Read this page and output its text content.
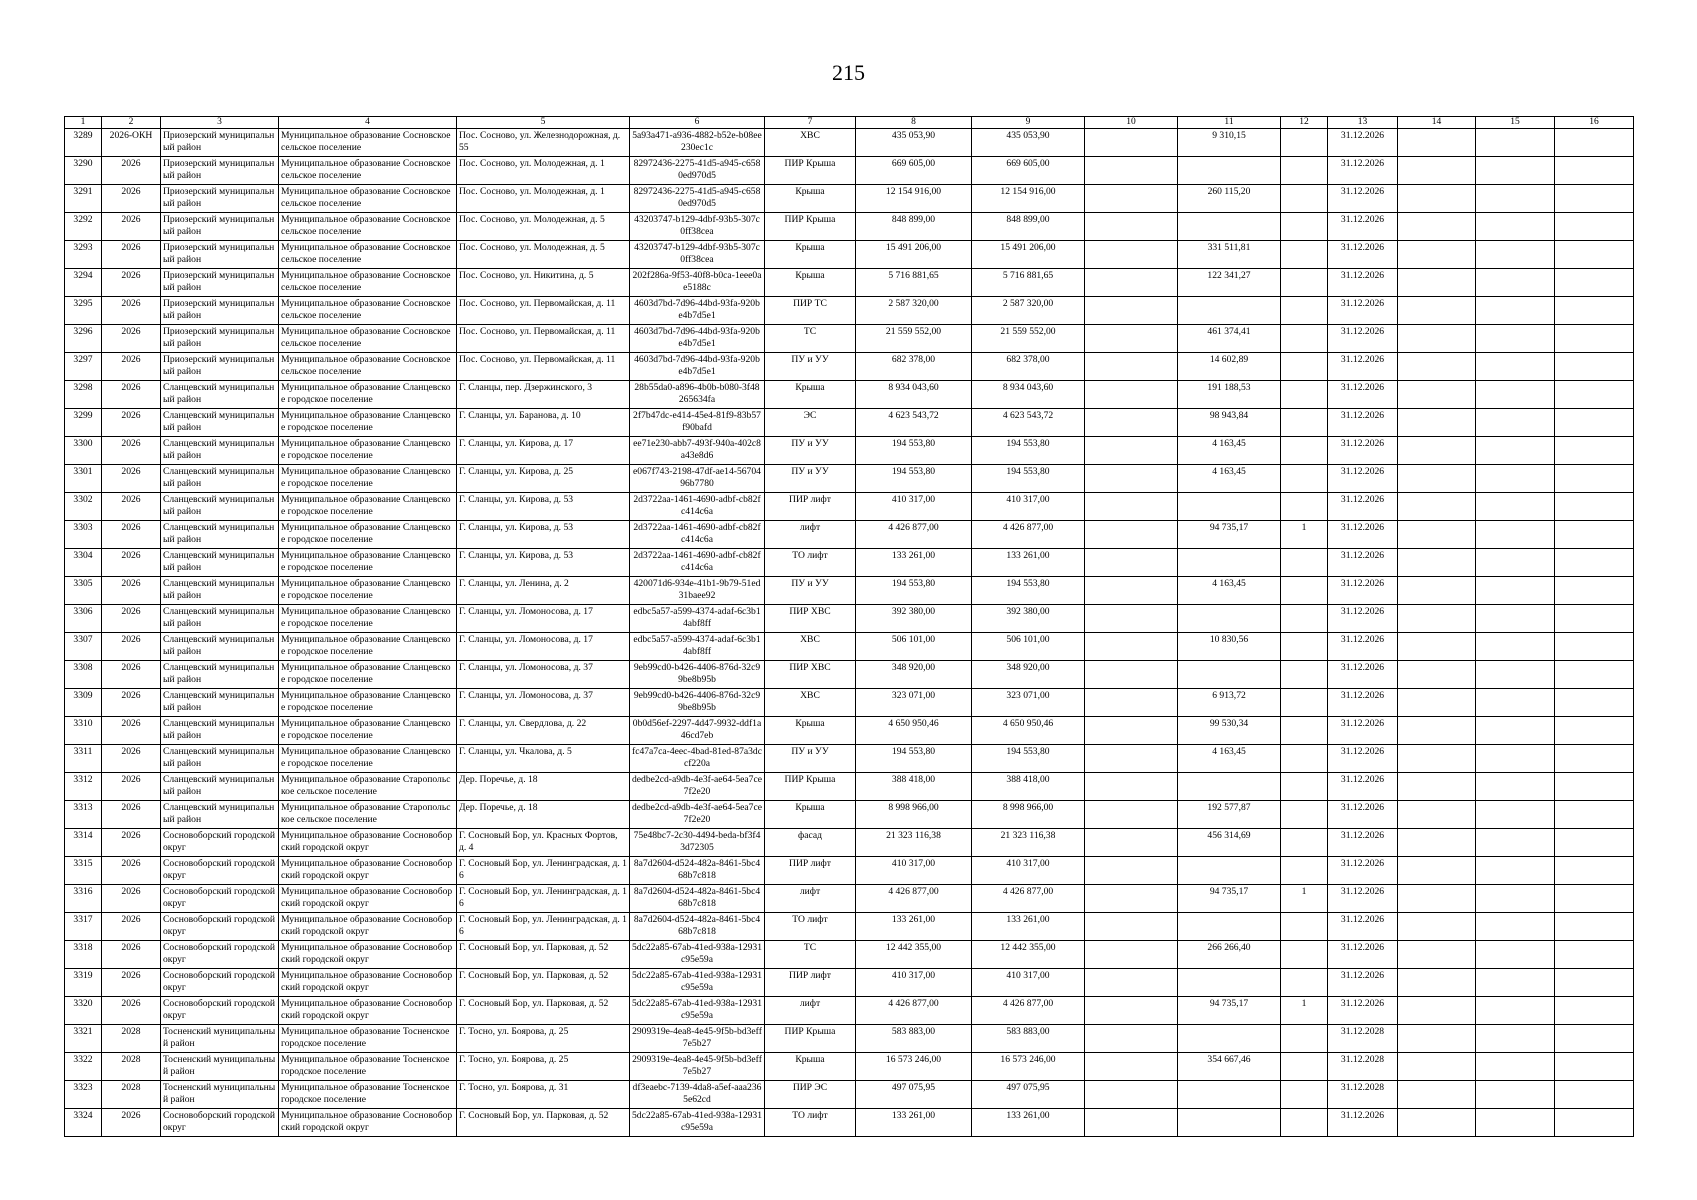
215
1	2	3	4	5	6	7	8	9	10	11	12	13	14	15	16
3289	2026-ОКН	Приозерский муниципальный район	Муниципальное образование Сосновское сельское поселение	Пос. Сосново, ул. Железнодорожная, д. 55	5a93a471-a936-4882-b52e-b08ee230ec1c	ХВС	435 053,90	435 053,90		9 310,15		31.12.2026			
3290	2026	Приозерский муниципальный район	Муниципальное образование Сосновское сельское поселение	Пос. Сосново, ул. Молодежная, д. 1	82972436-2275-41d5-a945-c6580ed970d5	ПИР Крыша	669 605,00	669 605,00				31.12.2026			
3291	2026	Приозерский муниципальный район	Муниципальное образование Сосновское сельское поселение	Пос. Сосново, ул. Молодежная, д. 1	82972436-2275-41d5-a945-c6580ed970d5	Крыша	12 154 916,00	12 154 916,00		260 115,20		31.12.2026			
3292	2026	Приозерский муниципальный район	Муниципальное образование Сосновское сельское поселение	Пос. Сосново, ул. Молодежная, д. 5	43203747-b129-4dbf-93b5-307c0ff38cea	ПИР Крыша	848 899,00	848 899,00				31.12.2026			
3293	2026	Приозерский муниципальный район	Муниципальное образование Сосновское сельское поселение	Пос. Сосново, ул. Молодежная, д. 5	43203747-b129-4dbf-93b5-307c0ff38cea	Крыша	15 491 206,00	15 491 206,00		331 511,81		31.12.2026			
3294	2026	Приозерский муниципальный район	Муниципальное образование Сосновское сельское поселение	Пос. Сосново, ул. Никитина, д. 5	202f286a-9f53-40f8-b0ca-1eee0ae5188c	Крыша	5 716 881,65	5 716 881,65		122 341,27		31.12.2026			
3295	2026	Приозерский муниципальный район	Муниципальное образование Сосновское сельское поселение	Пос. Сосново, ул. Первомайская, д. 11	4603d7bd-7d96-44bd-93fa-920be4b7d5e1	ПИР ТС	2 587 320,00	2 587 320,00				31.12.2026			
3296	2026	Приозерский муниципальный район	Муниципальное образование Сосновское сельское поселение	Пос. Сосново, ул. Первомайская, д. 11	4603d7bd-7d96-44bd-93fa-920be4b7d5e1	ТС	21 559 552,00	21 559 552,00		461 374,41		31.12.2026			
3297	2026	Приозерский муниципальный район	Муниципальное образование Сосновское сельское поселение	Пос. Сосново, ул. Первомайская, д. 11	4603d7bd-7d96-44bd-93fa-920be4b7d5e1	ПУ и УУ	682 378,00	682 378,00		14 602,89		31.12.2026			
3298	2026	Сланцевский муниципальный район	Муниципальное образование Сланцевское городское поселение	Г. Сланцы, пер. Дзержинского, 3	28b55da0-a896-4b0b-b080-3f48265634fa	Крыша	8 934 043,60	8 934 043,60		191 188,53		31.12.2026			
3299	2026	Сланцевский муниципальный район	Муниципальное образование Сланцевское городское поселение	Г. Сланцы, ул. Баранова, д. 10	2f7b47dc-e414-45e4-81f9-83b57f90bafd	ЭС	4 623 543,72	4 623 543,72		98 943,84		31.12.2026			
3300	2026	Сланцевский муниципальный район	Муниципальное образование Сланцевское городское поселение	Г. Сланцы, ул. Кирова, д. 17	ee71e230-abb7-493f-940a-402c8a43e8d6	ПУ и УУ	194 553,80	194 553,80		4 163,45		31.12.2026			
3301	2026	Сланцевский муниципальный район	Муниципальное образование Сланцевское городское поселение	Г. Сланцы, ул. Кирова, д. 25	e067f743-2198-47df-ae14-5670496b7780	ПУ и УУ	194 553,80	194 553,80		4 163,45		31.12.2026			
3302	2026	Сланцевский муниципальный район	Муниципальное образование Сланцевское городское поселение	Г. Сланцы, ул. Кирова, д. 53	2d3722aa-1461-4690-adbf-cb82fc414c6a	ПИР лифт	410 317,00	410 317,00				31.12.2026			
3303	2026	Сланцевский муниципальный район	Муниципальное образование Сланцевское городское поселение	Г. Сланцы, ул. Кирова, д. 53	2d3722aa-1461-4690-adbf-cb82fc414c6a	лифт	4 426 877,00	4 426 877,00		94 735,17	1	31.12.2026			
3304	2026	Сланцевский муниципальный район	Муниципальное образование Сланцевское городское поселение	Г. Сланцы, ул. Кирова, д. 53	2d3722aa-1461-4690-adbf-cb82fc414c6a	ТО лифт	133 261,00	133 261,00				31.12.2026			
3305	2026	Сланцевский муниципальный район	Муниципальное образование Сланцевское городское поселение	Г. Сланцы, ул. Ленина, д. 2	420071d6-934e-41b1-9b79-51ed31baee92	ПУ и УУ	194 553,80	194 553,80		4 163,45		31.12.2026			
3306	2026	Сланцевский муниципальный район	Муниципальное образование Сланцевское городское поселение	Г. Сланцы, ул. Ломоносова, д. 17	edbc5a57-a599-4374-adaf-6c3b14abf8ff	ПИР ХВС	392 380,00	392 380,00				31.12.2026			
3307	2026	Сланцевский муниципальный район	Муниципальное образование Сланцевское городское поселение	Г. Сланцы, ул. Ломоносова, д. 17	edbc5a57-a599-4374-adaf-6c3b14abf8ff	ХВС	506 101,00	506 101,00		10 830,56		31.12.2026			
3308	2026	Сланцевский муниципальный район	Муниципальное образование Сланцевское городское поселение	Г. Сланцы, ул. Ломоносова, д. 37	9eb99cd0-b426-4406-876d-32c99be8b95b	ПИР ХВС	348 920,00	348 920,00				31.12.2026			
3309	2026	Сланцевский муниципальный район	Муниципальное образование Сланцевское городское поселение	Г. Сланцы, ул. Ломоносова, д. 37	9eb99cd0-b426-4406-876d-32c99be8b95b	ХВС	323 071,00	323 071,00		6 913,72		31.12.2026			
3310	2026	Сланцевский муниципальный район	Муниципальное образование Сланцевское городское поселение	Г. Сланцы, ул. Свердлова, д. 22	0b0d56ef-2297-4d47-9932-ddf1a46cd7eb	Крыша	4 650 950,46	4 650 950,46		99 530,34		31.12.2026			
3311	2026	Сланцевский муниципальный район	Муниципальное образование Сланцевское городское поселение	Г. Сланцы, ул. Чкалова, д. 5	fc47a7ca-4eec-4bad-81ed-87a3dccf220a	ПУ и УУ	194 553,80	194 553,80		4 163,45		31.12.2026			
3312	2026	Сланцевский муниципальный район	Муниципальное образование Старопольское сельское поселение	Дер. Поречье, д. 18	dedbe2cd-a9db-4e3f-ae64-5ea7ce7f2e20	ПИР Крыша	388 418,00	388 418,00				31.12.2026			
3313	2026	Сланцевский муниципальный район	Муниципальное образование Старопольское сельское поселение	Дер. Поречье, д. 18	dedbe2cd-a9db-4e3f-ae64-5ea7ce7f2e20	Крыша	8 998 966,00	8 998 966,00		192 577,87		31.12.2026			
3314	2026	Сосновоборский городской округ	Муниципальное образование Сосновоборский городской округ	Г. Сосновый Бор, ул. Красных Фортов, д. 4	75e48bc7-2c30-4494-beda-bf3f43d72305	фасад	21 323 116,38	21 323 116,38		456 314,69		31.12.2026			
3315	2026	Сосновоборский городской округ	Муниципальное образование Сосновоборский городской округ	Г. Сосновый Бор, ул. Ленинградская, д. 16	8a7d2604-d524-482a-8461-5bc468b7c818	ПИР лифт	410 317,00	410 317,00				31.12.2026			
3316	2026	Сосновоборский городской округ	Муниципальное образование Сосновоборский городской округ	Г. Сосновый Бор, ул. Ленинградская, д. 16	8a7d2604-d524-482a-8461-5bc468b7c818	лифт	4 426 877,00	4 426 877,00		94 735,17	1	31.12.2026			
3317	2026	Сосновоборский городской округ	Муниципальное образование Сосновоборский городской округ	Г. Сосновый Бор, ул. Ленинградская, д. 16	8a7d2604-d524-482a-8461-5bc468b7c818	ТО лифт	133 261,00	133 261,00				31.12.2026			
3318	2026	Сосновоборский городской округ	Муниципальное образование Сосновоборский городской округ	Г. Сосновый Бор, ул. Парковая, д. 52	5dc22a85-67ab-41ed-938a-12931c95e59a	ТС	12 442 355,00	12 442 355,00		266 266,40		31.12.2026			
3319	2026	Сосновоборский городской округ	Муниципальное образование Сосновоборский городской округ	Г. Сосновый Бор, ул. Парковая, д. 52	5dc22a85-67ab-41ed-938a-12931c95e59a	ПИР лифт	410 317,00	410 317,00				31.12.2026			
3320	2026	Сосновоборский городской округ	Муниципальное образование Сосновоборский городской округ	Г. Сосновый Бор, ул. Парковая, д. 52	5dc22a85-67ab-41ed-938a-12931c95e59a	лифт	4 426 877,00	4 426 877,00		94 735,17	1	31.12.2026			
3321	2028	Тосненский муниципальный район	Муниципальное образование Тосненское городское поселение	Г. Тосно, ул. Боярова, д. 25	2909319e-4ea8-4e45-9f5b-bd3eff7e5b27	ПИР Крыша	583 883,00	583 883,00				31.12.2028			
3322	2028	Тосненский муниципальный район	Муниципальное образование Тосненское городское поселение	Г. Тосно, ул. Боярова, д. 25	2909319e-4ea8-4e45-9f5b-bd3eff7e5b27	Крыша	16 573 246,00	16 573 246,00		354 667,46		31.12.2028			
3323	2028	Тосненский муниципальный район	Муниципальное образование Тосненское городское поселение	Г. Тосно, ул. Боярова, д. 31	df3eaebc-7139-4da8-a5ef-aaa2365e62cd	ПИР ЭС	497 075,95	497 075,95				31.12.2028			
3324	2026	Сосновоборский городской округ	Муниципальное образование Сосновоборский городской округ	Г. Сосновый Бор, ул. Парковая, д. 52	5dc22a85-67ab-41ed-938a-12931c95e59a	ТО лифт	133 261,00	133 261,00				31.12.2026			
